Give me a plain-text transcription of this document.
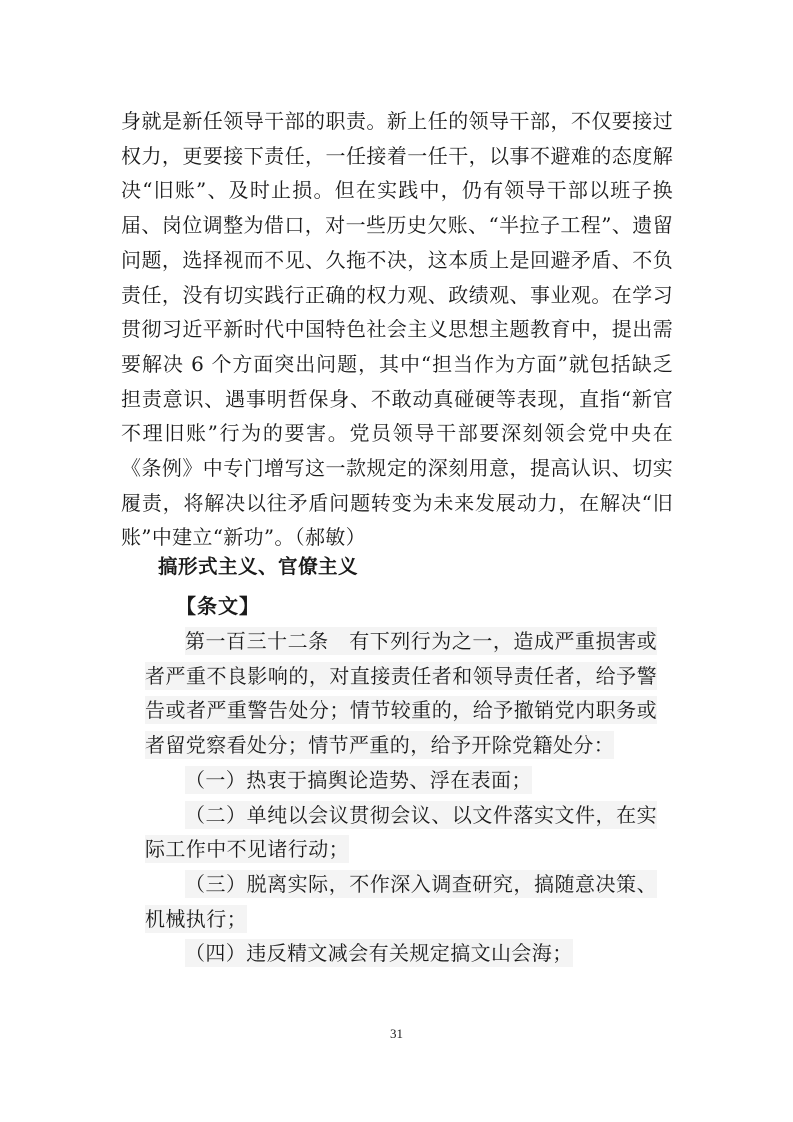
身就是新任领导干部的职责。新上任的领导干部，不仅要接过权力，更要接下责任，一任接着一任干，以事不避难的态度解决“旧账”、及时止损。但在实践中，仍有领导干部以班子换届、岗位调整为借口，对一些历史欠账、“半拉子工程”、遗留问题，选择视而不见、久拖不决，这本质上是回避矛盾、不负责任，没有切实践行正确的权力观、政绩观、事业观。在学习贯彻习近平新时代中国特色社会主义思想主题教育中，提出需要解决 6 个方面突出问题，其中“担当作为方面”就包括缺乏担责意识、遇事明哲保身、不敢动真碰硬等表现，直指“新官不理旧账”行为的要害。党员领导干部要深刻领会党中央在《条例》中专门增写这一款规定的深刻用意，提高认识、切实履责，将解决以往矛盾问题转变为未来发展动力，在解决“旧账”中建立“新功”。（郝敏）

搞形式主义、官僚主义

【条文】

第一百三十二条　有下列行为之一，造成严重损害或者严重不良影响的，对直接责任者和领导责任者，给予警告或者严重警告处分；情节较重的，给予撤销党内职务或者留党察看处分；情节严重的，给予开除党籍处分：

（一）热衷于搞舆论造势、浮在表面；

（二）单纯以会议贯彻会议、以文件落实文件，在实际工作中不见诸行动；

（三）脱离实际，不作深入调查研究，搞随意决策、机械执行；

（四）违反精文减会有关规定搞文山会海；

31
